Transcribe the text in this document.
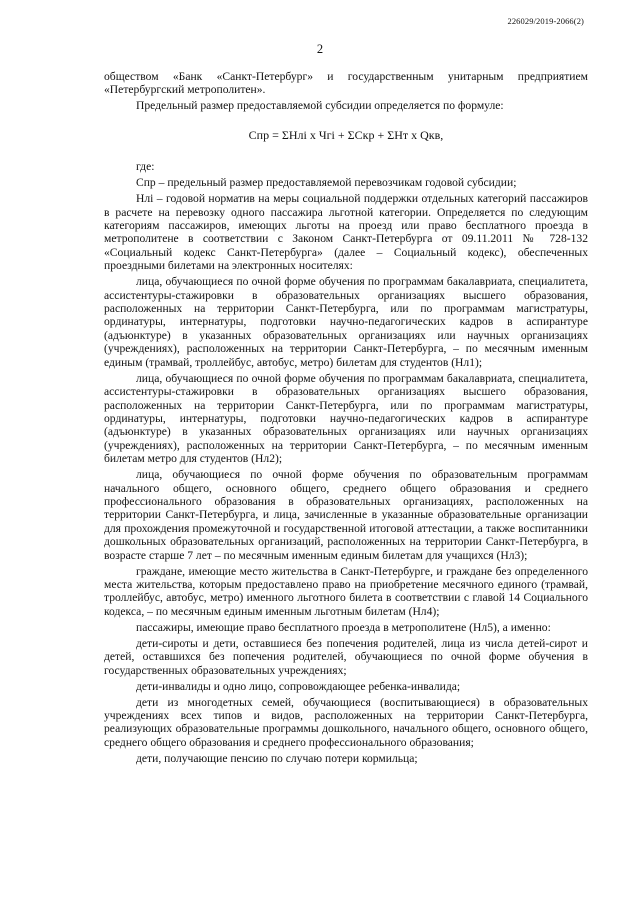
226029/2019-2066(2)
2

обществом «Банк «Санкт-Петербург» и государственным унитарным предприятием «Петербургский метрополитен».

Предельный размер предоставляемой субсидии определяется по формуле:

Спр = ΣНлі х Чгі + ΣСкр + ΣНт х Qкв,

где:

Спр – предельный размер предоставляемой перевозчикам годовой субсидии;

Нлі – годовой норматив на меры социальной поддержки отдельных категорий пассажиров в расчете на перевозку одного пассажира льготной категории. Определяется по следующим категориям пассажиров, имеющих льготы на проезд или право бесплатного проезда в метрополитене в соответствии с Законом Санкт-Петербурга от 09.11.2011 № 728-132 «Социальный кодекс Санкт-Петербурга» (далее – Социальный кодекс), обеспеченных проездными билетами на электронных носителях:

лица, обучающиеся по очной форме обучения по программам бакалавриата, специалитета, ассистентуры-стажировки в образовательных организациях высшего образования, расположенных на территории Санкт-Петербурга, или по программам магистратуры, ординатуры, интернатуры, подготовки научно-педагогических кадров в аспирантуре (адъюнктуре) в указанных образовательных организациях или научных организациях (учреждениях), расположенных на территории Санкт-Петербурга, – по месячным именным единым (трамвай, троллейбус, автобус, метро) билетам для студентов (Нл1);

лица, обучающиеся по очной форме обучения по программам бакалавриата, специалитета, ассистентуры-стажировки в образовательных организациях высшего образования, расположенных на территории Санкт-Петербурга, или по программам магистратуры, ординатуры, интернатуры, подготовки научно-педагогических кадров в аспирантуре (адъюнктуре) в указанных образовательных организациях или научных организациях (учреждениях), расположенных на территории Санкт-Петербурга, – по месячным именным билетам метро для студентов (Нл2);

лица, обучающиеся по очной форме обучения по образовательным программам начального общего, основного общего, среднего общего образования и среднего профессионального образования в образовательных организациях, расположенных на территории Санкт-Петербурга, и лица, зачисленные в указанные образовательные организации для прохождения промежуточной и государственной итоговой аттестации, а также воспитанники дошкольных образовательных организаций, расположенных на территории Санкт-Петербурга, в возрасте старше 7 лет – по месячным именным единым билетам для учащихся (Нл3);

граждане, имеющие место жительства в Санкт-Петербурге, и граждане без определенного места жительства, которым предоставлено право на приобретение месячного единого (трамвай, троллейбус, автобус, метро) именного льготного билета в соответствии с главой 14 Социального кодекса, – по месячным единым именным льготным билетам (Нл4);

пассажиры, имеющие право бесплатного проезда в метрополитене (Нл5), а именно:

дети-сироты и дети, оставшиеся без попечения родителей, лица из числа детей-сирот и детей, оставшихся без попечения родителей, обучающиеся по очной форме обучения в государственных образовательных учреждениях;

дети-инвалиды и одно лицо, сопровождающее ребенка-инвалида;

дети из многодетных семей, обучающиеся (воспитывающиеся) в образовательных учреждениях всех типов и видов, расположенных на территории Санкт-Петербурга, реализующих образовательные программы дошкольного, начального общего, основного общего, среднего общего образования и среднего профессионального образования;

дети, получающие пенсию по случаю потери кормильца;
